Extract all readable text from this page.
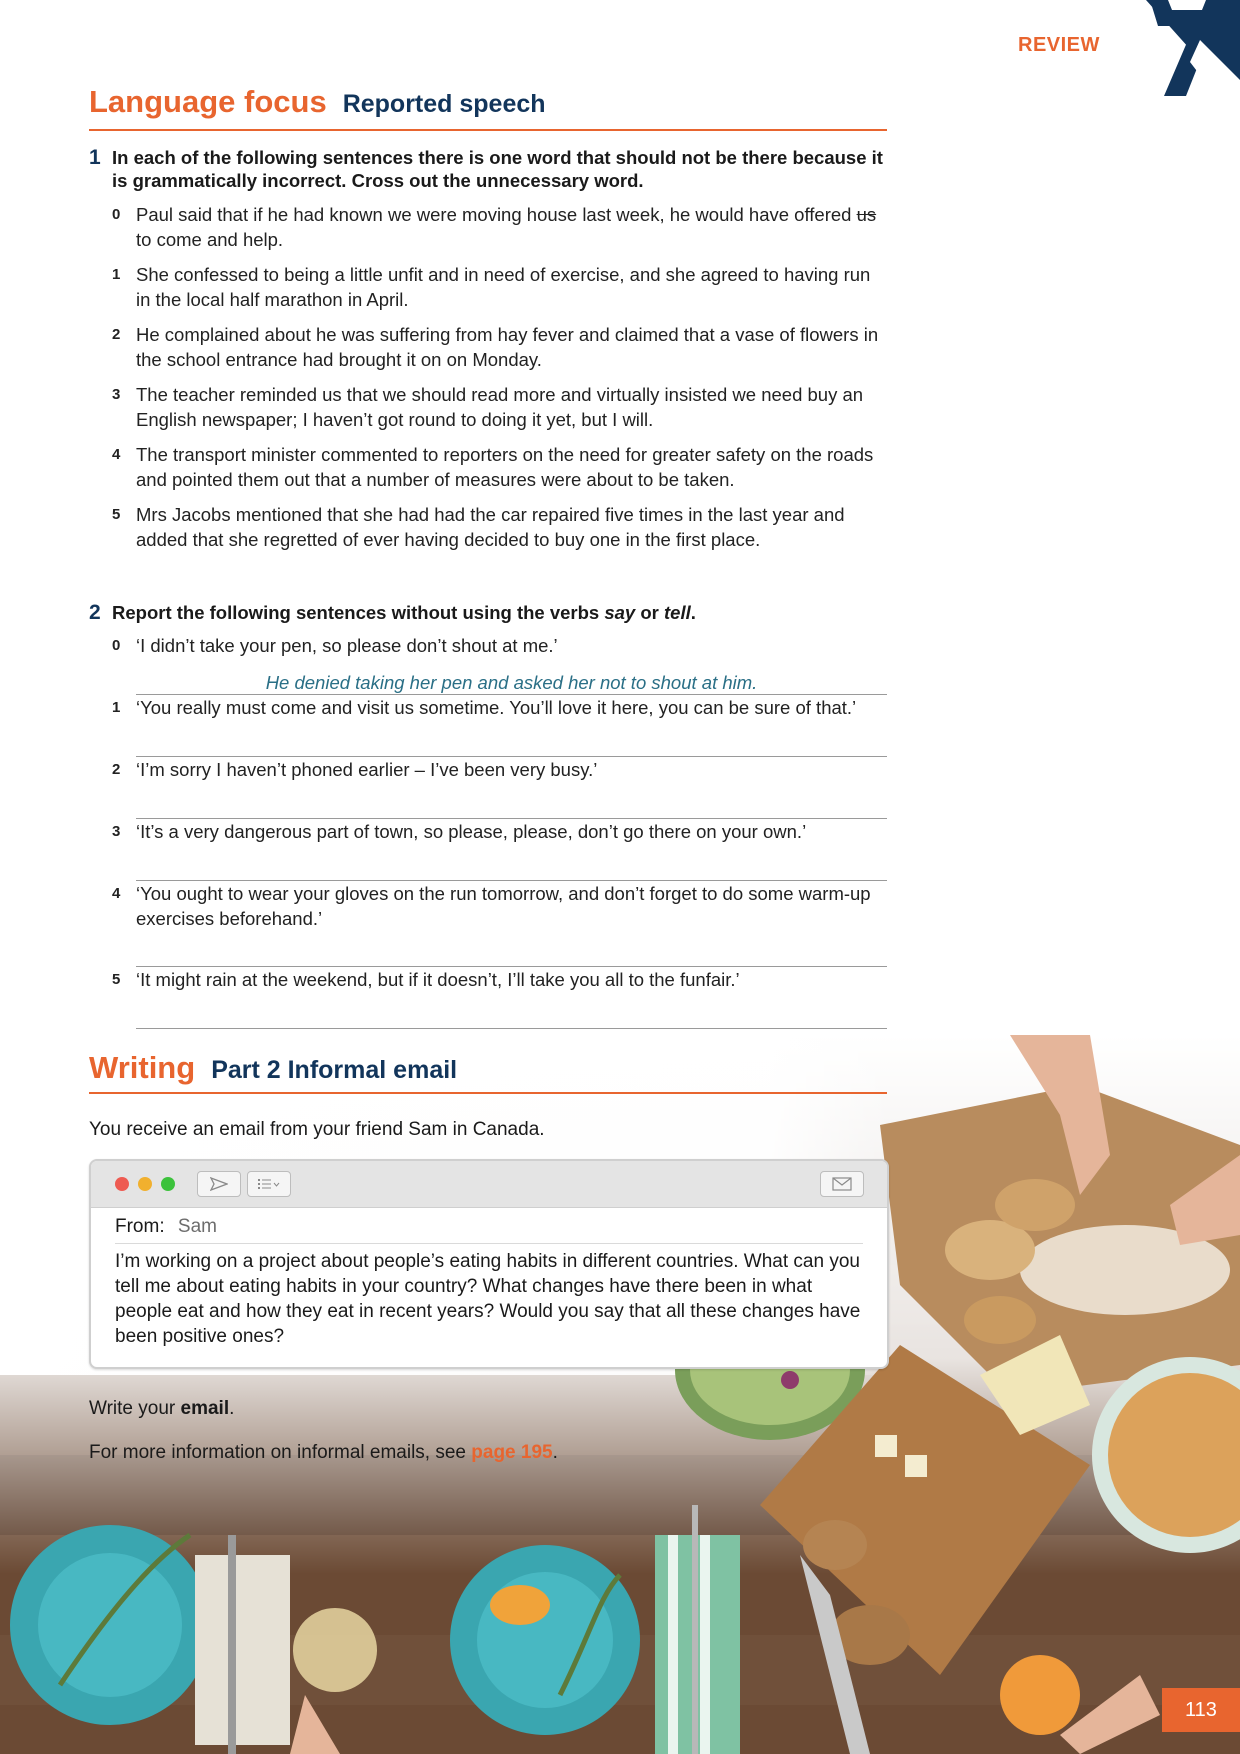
REVIEW
Language focus Reported speech
1 In each of the following sentences there is one word that should not be there because it is grammatically incorrect. Cross out the unnecessary word.
0 Paul said that if he had known we were moving house last week, he would have offered us to come and help.
1 She confessed to being a little unfit and in need of exercise, and she agreed to having run in the local half marathon in April.
2 He complained about he was suffering from hay fever and claimed that a vase of flowers in the school entrance had brought it on on Monday.
3 The teacher reminded us that we should read more and virtually insisted we need buy an English newspaper; I haven’t got round to doing it yet, but I will.
4 The transport minister commented to reporters on the need for greater safety on the roads and pointed them out that a number of measures were about to be taken.
5 Mrs Jacobs mentioned that she had had the car repaired five times in the last year and added that she regretted of ever having decided to buy one in the first place.
2 Report the following sentences without using the verbs say or tell.
0 ‘I didn’t take your pen, so please don’t shout at me.’
He denied taking her pen and asked her not to shout at him.
1 ‘You really must come and visit us sometime. You’ll love it here, you can be sure of that.’
2 ‘I’m sorry I haven’t phoned earlier – I’ve been very busy.’
3 ‘It’s a very dangerous part of town, so please, please, don’t go there on your own.’
4 ‘You ought to wear your gloves on the run tomorrow, and don’t forget to do some warm-up exercises beforehand.’
5 ‘It might rain at the weekend, but if it doesn’t, I’ll take you all to the funfair.’
Writing Part 2 Informal email
You receive an email from your friend Sam in Canada.
From: Sam
I’m working on a project about people’s eating habits in different countries. What can you tell me about eating habits in your country? What changes have there been in what people eat and how they eat in recent years? Would you say that all these changes have been positive ones?
Write your email.
For more information on informal emails, see page 195.
113
